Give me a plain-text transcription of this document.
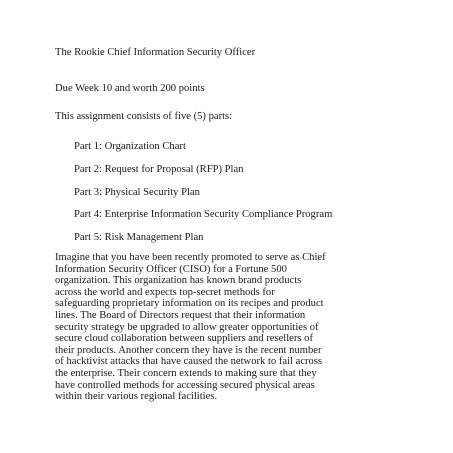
The Rookie Chief Information Security Officer

Due Week 10 and worth 200 points

This assignment consists of five (5) parts:

Part 1: Organization Chart
Part 2: Request for Proposal (RFP) Plan
Part 3: Physical Security Plan
Part 4: Enterprise Information Security Compliance Program
Part 5: Risk Management Plan

Imagine that you have been recently promoted to serve as Chief
Information Security Officer (CISO) for a Fortune 500
organization. This organization has known brand products
across the world and expects top-secret methods for
safeguarding proprietary information on its recipes and product
lines. The Board of Directors request that their information
security strategy be upgraded to allow greater opportunities of
secure cloud collaboration between suppliers and resellers of
their products. Another concern they have is the recent number
of hacktivist attacks that have caused the network to fail across
the enterprise. Their concern extends to making sure that they
have controlled methods for accessing secured physical areas
within their various regional facilities.
